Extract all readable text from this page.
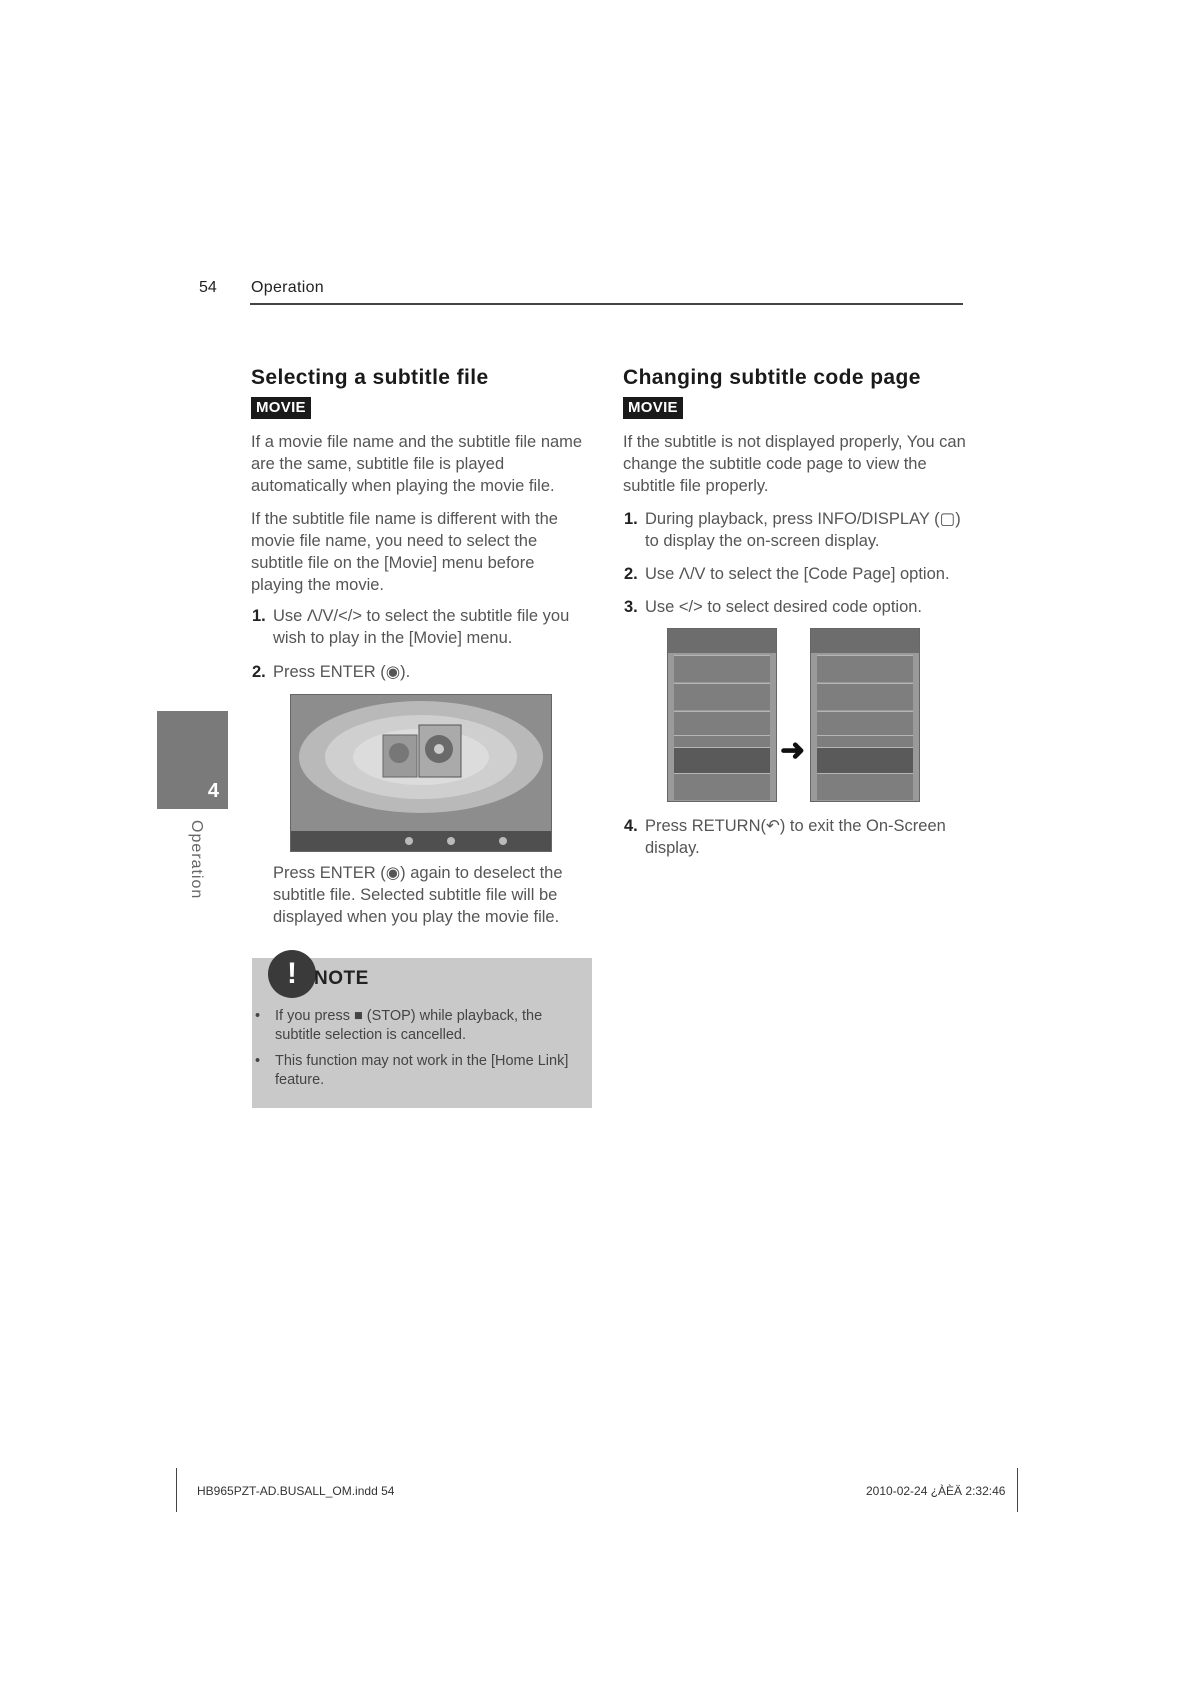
54 Operation
4
Operation
Selecting a subtitle file
MOVIE

If a movie file name and the subtitle file name are the same, subtitle file is played automatically when playing the movie file.

If the subtitle file name is different with the movie file name, you need to select the subtitle file on the [Movie] menu before playing the movie.

1. Use Λ/V/</> to select the subtitle file you wish to play in the [Movie] menu.
2. Press ENTER (◉).

Press ENTER (◉) again to deselect the subtitle file. Selected subtitle file will be displayed when you play the movie file.

! NOTE
• If you press ■ (STOP) while playback, the subtitle selection is cancelled.
• This function may not work in the [Home Link] feature.
Changing subtitle code page
MOVIE

If the subtitle is not displayed properly, You can change the subtitle code page to view the subtitle file properly.

1. During playback, press INFO/DISPLAY (▢) to display the on-screen display.
2. Use Λ/V to select the [Code Page] option.
3. Use </> to select desired code option.
➜
4. Press RETURN(↶) to exit the On-Screen display.
HB965PZT-AD.BUSALL_OM.indd 54	2010-02-24 ¿ÀÈÄ 2:32:46
